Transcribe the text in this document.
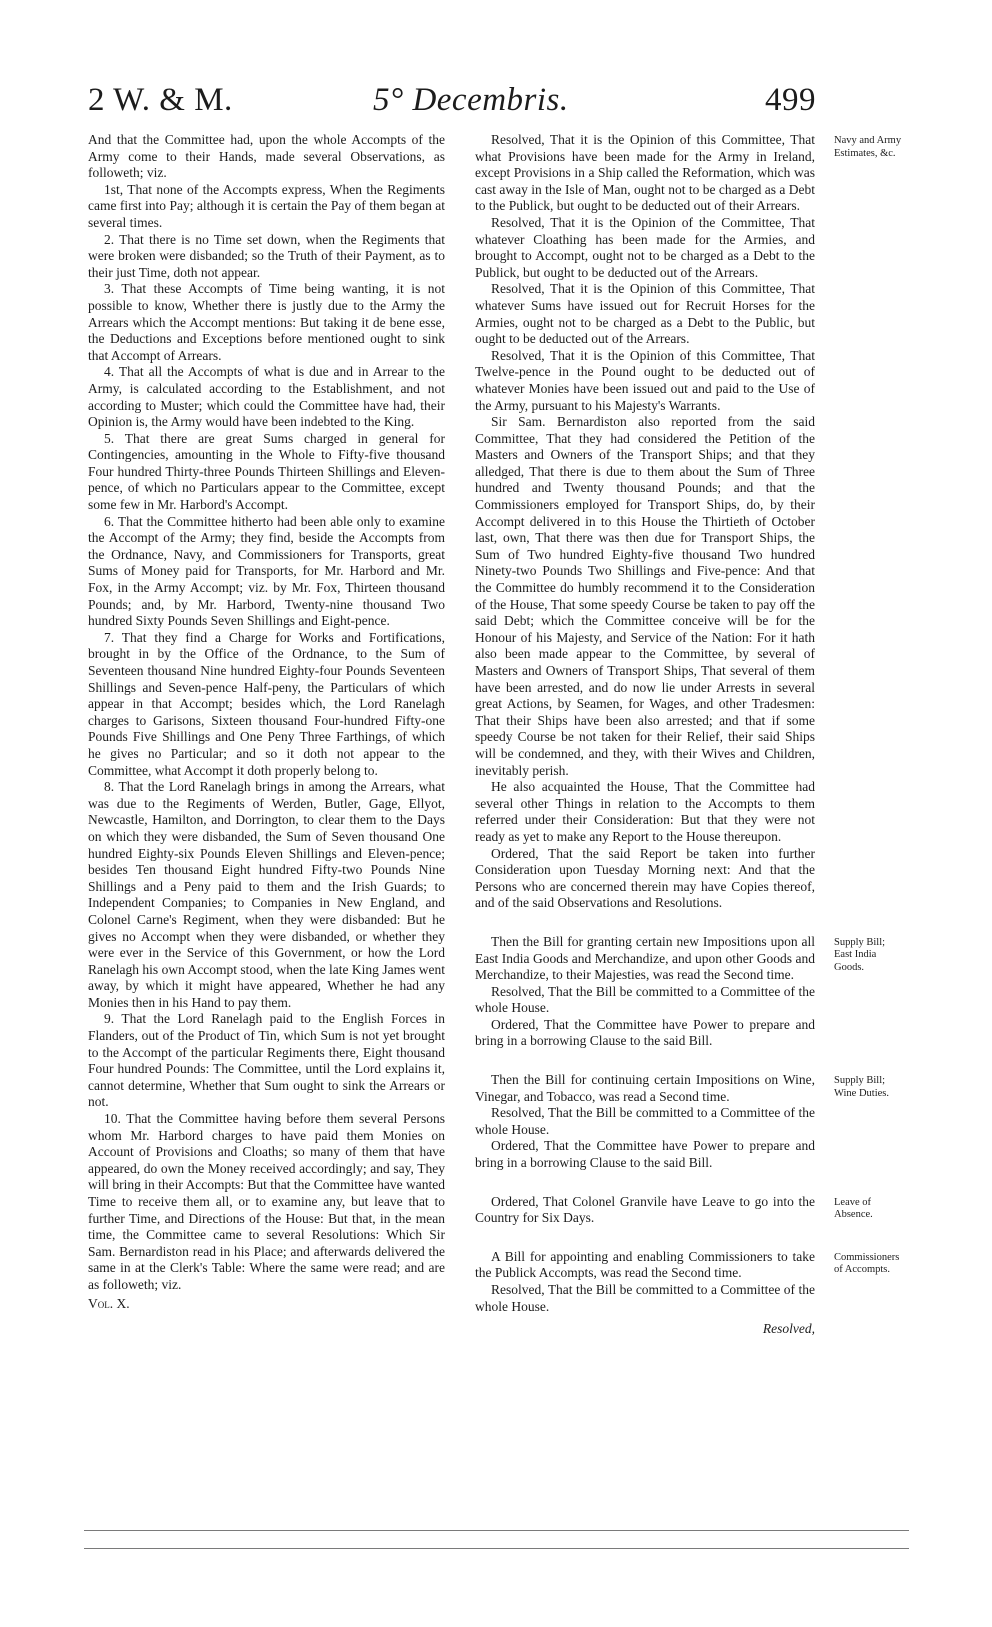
2 W. & M.	5° Decembris.	499

And that the Committee had, upon the whole Accompts of the Army come to their Hands, made several Observations, as followeth; viz.

1st, That none of the Accompts express, When the Regiments came first into Pay; although it is certain the Pay of them began at several times.

2. That there is no Time set down, when the Regiments that were broken were disbanded; so the Truth of their Payment, as to their just Time, doth not appear.

3. That these Accompts of Time being wanting, it is not possible to know, Whether there is justly due to the Army the Arrears which the Accompt mentions: But taking it de bene esse, the Deductions and Exceptions before mentioned ought to sink that Accompt of Arrears.

4. That all the Accompts of what is due and in Arrear to the Army, is calculated according to the Establishment, and not according to Muster; which could the Committee have had, their Opinion is, the Army would have been indebted to the King.

5. That there are great Sums charged in general for Contingencies, amounting in the Whole to Fifty-five thousand Four hundred Thirty-three Pounds Thirteen Shillings and Eleven-pence, of which no Particulars appear to the Committee, except some few in Mr. Harbord's Accompt.

6. That the Committee hitherto had been able only to examine the Accompt of the Army; they find, beside the Accompts from the Ordnance, Navy, and Commissioners for Transports, great Sums of Money paid for Transports, for Mr. Harbord and Mr. Fox, in the Army Accompt; viz. by Mr. Fox, Thirteen thousand Pounds; and, by Mr. Harbord, Twenty-nine thousand Two hundred Sixty Pounds Seven Shillings and Eight-pence.

7. That they find a Charge for Works and Fortifications, brought in by the Office of the Ordnance, to the Sum of Seventeen thousand Nine hundred Eighty-four Pounds Seventeen Shillings and Seven-pence Half-peny, the Particulars of which appear in that Accompt; besides which, the Lord Ranelagh charges to Garisons, Sixteen thousand Four-hundred Fifty-one Pounds Five Shillings and One Peny Three Farthings, of which he gives no Particular; and so it doth not appear to the Committee, what Accompt it doth properly belong to.

8. That the Lord Ranelagh brings in among the Arrears, what was due to the Regiments of Werden, Butler, Gage, Ellyot, Newcastle, Hamilton, and Dorrington, to clear them to the Days on which they were disbanded, the Sum of Seven thousand One hundred Eighty-six Pounds Eleven Shillings and Eleven-pence; besides Ten thousand Eight hundred Fifty-two Pounds Nine Shillings and a Peny paid to them and the Irish Guards; to Independent Companies; to Companies in New England, and Colonel Carne's Regiment, when they were disbanded: But he gives no Accompt when they were disbanded, or whether they were ever in the Service of this Government, or how the Lord Ranelagh his own Accompt stood, when the late King James went away, by which it might have appeared, Whether he had any Monies then in his Hand to pay them.

9. That the Lord Ranelagh paid to the English Forces in Flanders, out of the Product of Tin, which Sum is not yet brought to the Accompt of the particular Regiments there, Eight thousand Four hundred Pounds: The Committee, until the Lord explains it, cannot determine, Whether that Sum ought to sink the Arrears or not.

10. That the Committee having before them several Persons whom Mr. Harbord charges to have paid them Monies on Account of Provisions and Cloaths; so many of them that have appeared, do own the Money received accordingly; and say, They will bring in their Accompts: But that the Committee have wanted Time to receive them all, or to examine any, but leave that to further Time, and Directions of the House: But that, in the mean time, the Committee came to several Resolutions: Which Sir Sam. Bernardiston read in his Place; and afterwards delivered the same in at the Clerk's Table: Where the same were read; and are as followeth; viz.

Vol. X.

Resolved, That it is the Opinion of this Committee, That what Provisions have been made for the Army in Ireland, except Provisions in a Ship called the Reformation, which was cast away in the Isle of Man, ought not to be charged as a Debt to the Publick, but ought to be deducted out of their Arrears.

Resolved, That it is the Opinion of the Committee, That whatever Cloathing has been made for the Armies, and brought to Accompt, ought not to be charged as a Debt to the Publick, but ought to be deducted out of the Arrears.

Resolved, That it is the Opinion of this Committee, That whatever Sums have issued out for Recruit Horses for the Armies, ought not to be charged as a Debt to the Public, but ought to be deducted out of the Arrears.

Resolved, That it is the Opinion of this Committee, That Twelve-pence in the Pound ought to be deducted out of whatever Monies have been issued out and paid to the Use of the Army, pursuant to his Majesty's Warrants.

Sir Sam. Bernardiston also reported from the said Committee, That they had considered the Petition of the Masters and Owners of the Transport Ships; and that they alledged, That there is due to them about the Sum of Three hundred and Twenty thousand Pounds; and that the Commissioners employed for Transport Ships, do, by their Accompt delivered in to this House the Thirtieth of October last, own, That there was then due for Transport Ships, the Sum of Two hundred Eighty-five thousand Two hundred Ninety-two Pounds Two Shillings and Five-pence: And that the Committee do humbly recommend it to the Consideration of the House, That some speedy Course be taken to pay off the said Debt; which the Committee conceive will be for the Honour of his Majesty, and Service of the Nation: For it hath also been made appear to the Committee, by several of Masters and Owners of Transport Ships, That several of them have been arrested, and do now lie under Arrests in several great Actions, by Seamen, for Wages, and other Tradesmen: That their Ships have been also arrested; and that if some speedy Course be not taken for their Relief, their said Ships will be condemned, and they, with their Wives and Children, inevitably perish.

He also acquainted the House, That the Committee had several other Things in relation to the Accompts to them referred under their Consideration: But that they were not ready as yet to make any Report to the House thereupon.

Ordered, That the said Report be taken into further Consideration upon Tuesday Morning next: And that the Persons who are concerned therein may have Copies thereof, and of the said Observations and Resolutions.

Then the Bill for granting certain new Impositions upon all East India Goods and Merchandize, and upon other Goods and Merchandize, to their Majesties, was read the Second time.

Resolved, That the Bill be committed to a Committee of the whole House.

Ordered, That the Committee have Power to prepare and bring in a borrowing Clause to the said Bill.

Then the Bill for continuing certain Impositions on Wine, Vinegar, and Tobacco, was read a Second time.

Resolved, That the Bill be committed to a Committee of the whole House.

Ordered, That the Committee have Power to prepare and bring in a borrowing Clause to the said Bill.

Ordered, That Colonel Granvile have Leave to go into the Country for Six Days.

A Bill for appointing and enabling Commissioners to take the Publick Accompts, was read the Second time.

Resolved, That the Bill be committed to a Committee of the whole House.

Resolved,

Navy and Army Estimates, &c.
Supply Bill; East India Goods.
Supply Bill; Wine Duties.
Leave of Absence.
Commissioners of Accompts.
